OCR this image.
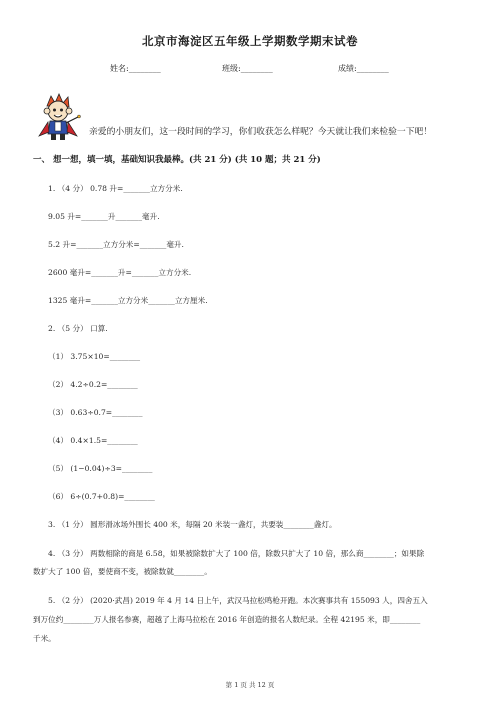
北京市海淀区五年级上学期数学期末试卷
姓名:________	班级:________	成绩:________
亲爱的小朋友们，这一段时间的学习，你们收获怎么样呢？今天就让我们来检验一下吧！
一、 想一想，填一填，基础知识我最棒。(共 21 分) (共 10 题；共 21 分)
1. （4 分） 0.78 升=_______立方分米.
9.05 升=_______升_______毫升.
5.2 升=_______立方分米=_______毫升.
2600 毫升=_______升=_______立方分米.
1325 毫升=_______立方分米_______立方厘米.
2. （5 分） 口算.
（1） 3.75×10=________
（2） 4.2÷0.2=________
（3） 0.63÷0.7=________
（4） 0.4×1.5=________
（5） (1−0.04)÷3=________
（6） 6÷(0.7+0.8)=________
3. （1 分） 圆形滑冰场外围长 400 米，每隔 20 米装一盏灯，共要装________盏灯。
4. （3 分） 两数相除的商是 6.58，如果被除数扩大了 100 倍，除数只扩大了 10 倍，那么商________；如果除
数扩大了 100 倍，要使商不变，被除数就________。
5. （2 分） (2020·武昌) 2019 年 4 月 14 日上午，武汉马拉松鸣枪开跑。本次赛事共有 155093 人，四舍五入
到万位约________万人报名参赛，超越了上海马拉松在 2016 年创造的报名人数纪录。全程 42195 米，即________
千米。
第 1 页 共 12 页
